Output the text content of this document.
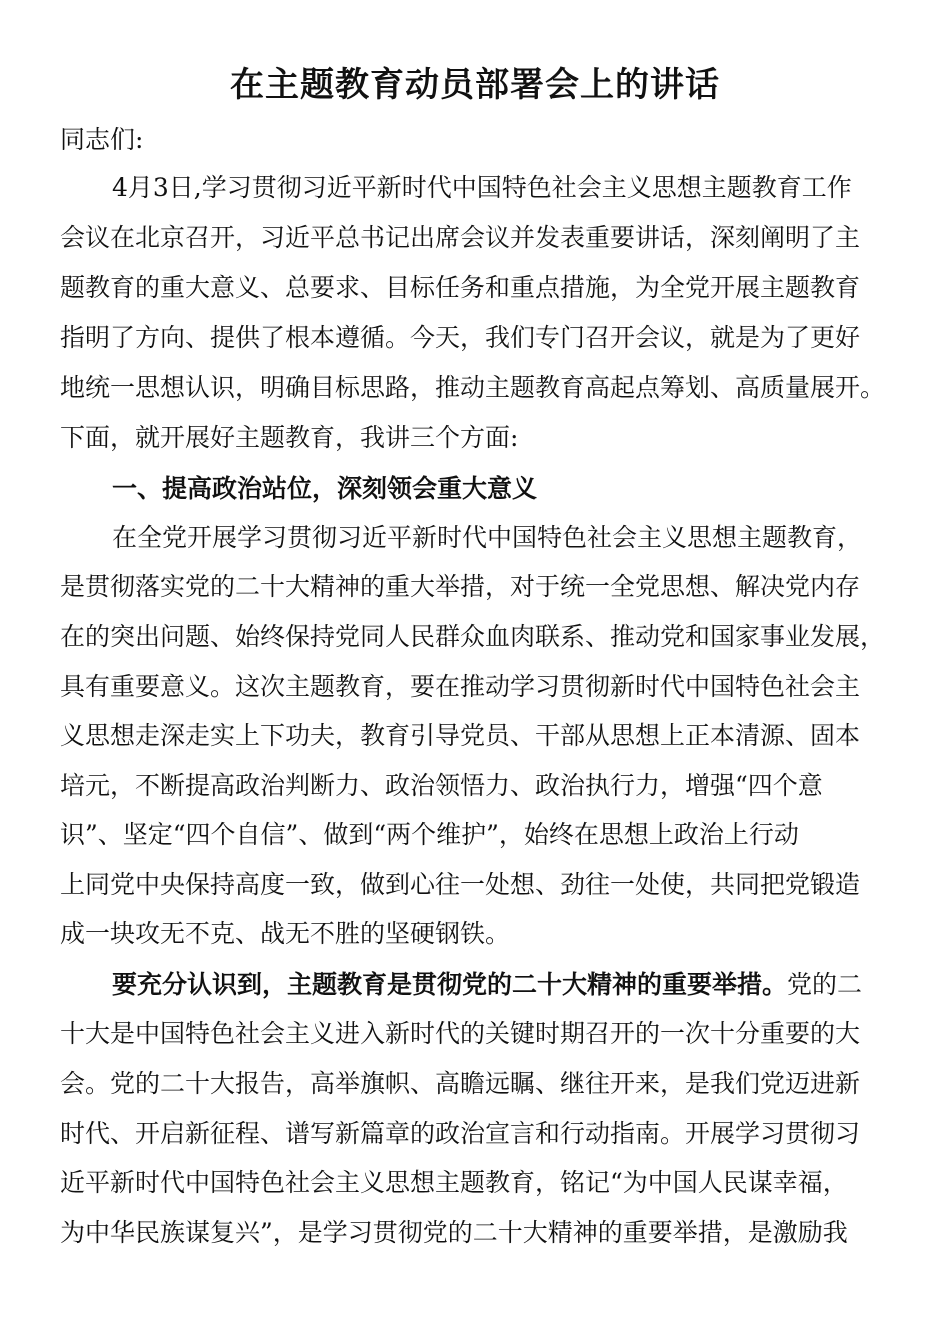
在主题教育动员部署会上的讲话
同志们:
4月3日,学习贯彻习近平新时代中国特色社会主义思想主题教育工作
会议在北京召开，习近平总书记出席会议并发表重要讲话，深刻阐明了主
题教育的重大意义、总要求、目标任务和重点措施，为全党开展主题教育
指明了方向、提供了根本遵循。今天，我们专门召开会议，就是为了更好
地统一思想认识，明确目标思路，推动主题教育高起点筹划、高质量展开。
下面，就开展好主题教育，我讲三个方面:
一、提高政治站位，深刻领会重大意义
在全党开展学习贯彻习近平新时代中国特色社会主义思想主题教育，
是贯彻落实党的二十大精神的重大举措，对于统一全党思想、解决党内存
在的突出问题、始终保持党同人民群众血肉联系、推动党和国家事业发展，
具有重要意义。这次主题教育，要在推动学习贯彻新时代中国特色社会主
义思想走深走实上下功夫，教育引导党员、干部从思想上正本清源、固本
培元，不断提高政治判断力、政治领悟力、政治执行力，增强“四个意
识”、坚定“四个自信”、做到“两个维护”，始终在思想上政治上行动
上同党中央保持高度一致，做到心往一处想、劲往一处使，共同把党锻造
成一块攻无不克、战无不胜的坚硬钢铁。
要充分认识到，主题教育是贯彻党的二十大精神的重要举措。党的二
十大是中国特色社会主义进入新时代的关键时期召开的一次十分重要的大
会。党的二十大报告，高举旗帜、高瞻远瞩、继往开来，是我们党迈进新
时代、开启新征程、谱写新篇章的政治宣言和行动指南。开展学习贯彻习
近平新时代中国特色社会主义思想主题教育，铭记“为中国人民谋幸福，
为中华民族谋复兴”，是学习贯彻党的二十大精神的重要举措，是激励我
